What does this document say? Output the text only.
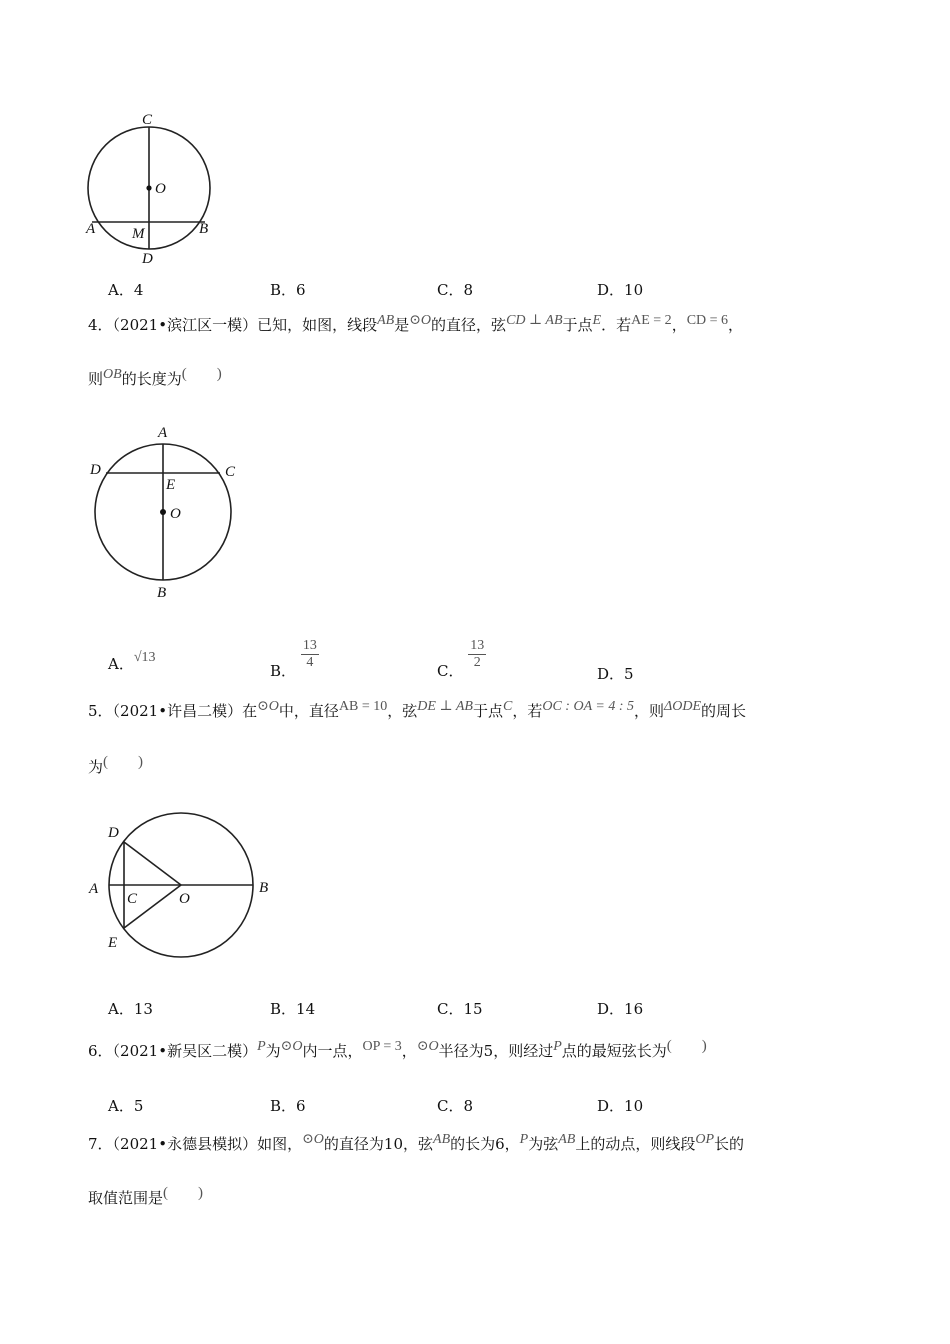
C
O
A M	B
D
A．4	B．6	C．8	D．10
4．（2021•滨江区一模）已知，如图，线段AB是⊙O的直径，弦CD ⊥ AB于点E．若AE = 2，CD = 6，
则OB的长度为(　　)
A
D	C
E
O
B
A．√13
B． $\frac{13}{4}$	C． $\frac{13}{2}$
D．5
5．（2021•许昌二模）在⊙O中，直径AB = 10，弦DE ⊥ AB于点C，若OC : OA = 4 : 5，则ΔODE的周长
为(　　)
D
A
C	O
B
E
A．13	B．14	C．15	D．16
6．（2021•新吴区二模）P为⊙O内一点，OP = 3，⊙O半径为5，则经过P点的最短弦长为(　　)
A．5	B．6	C．8	D．10
7．（2021•永德县模拟）如图，⊙O的直径为10，弦AB的长为6，P为弦AB上的动点，则线段OP长的
取值范围是(　　)
